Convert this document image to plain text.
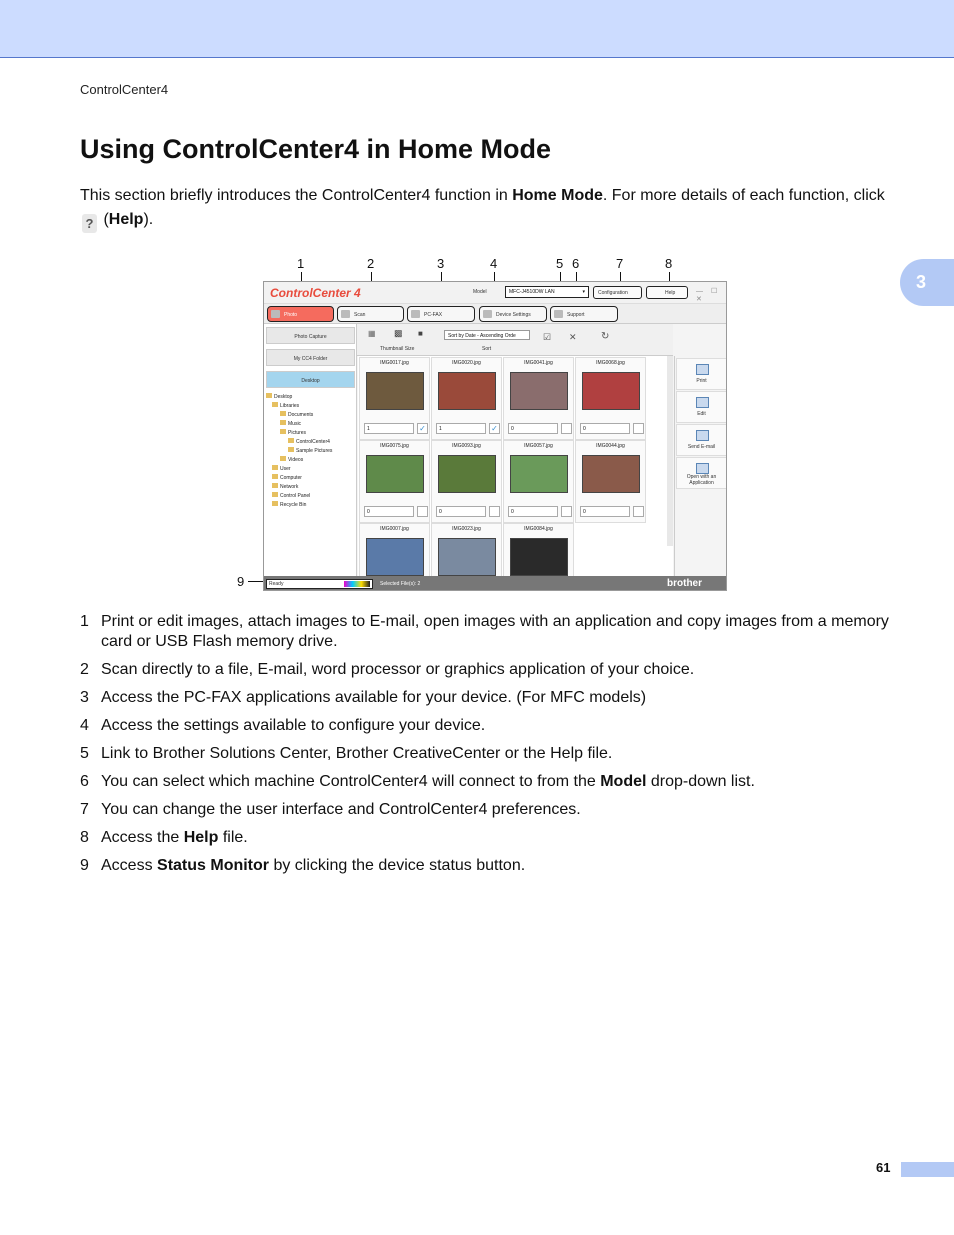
ControlCenter4
3
Using ControlCenter4 in Home Mode

This section briefly introduces the ControlCenter4 function in Home Mode. For more details of each function, click
? (Help).

1	2	3	4	5 6	7	8
9
ControlCenter 4	Model	MFC-J4510DW LAN	▾	Configuration	Help	— ☐ ✕
Photo	Scan	PC-FAX	Device Settings	Support
Photo Capture
My CC4 Folder
Desktop
Desktop
Libraries
Documents
Music
Pictures
ControlCenter4
Sample Pictures
Videos
User
Computer
Network
Control Panel
Recycle Bin
▦ ▩ ■
Thumbnail Size
Sort by Date - Ascending Orde
Sort
☑ ✕ ↻
IMG0017.jpg
1	✓
IMG0020.jpg
1	✓
IMG0041.jpg
0
IMG0068.jpg
0
IMG0075.jpg
0
IMG0093.jpg
0
IMG0057.jpg
0
IMG0044.jpg
0
IMG0007.jpg	IMG0023.jpg	IMG0084.jpg
Print
Edit
Send E-mail
Open with an Application
Ready	Selected File(s): 2	brother
1 Print or edit images, attach images to E-mail, open images with an application and copy images from a memory card or USB Flash memory drive.
2 Scan directly to a file, E-mail, word processor or graphics application of your choice.
3 Access the PC-FAX applications available for your device. (For MFC models)
4 Access the settings available to configure your device.
5 Link to Brother Solutions Center, Brother CreativeCenter or the Help file.
6 You can select which machine ControlCenter4 will connect to from the Model drop-down list.
7 You can change the user interface and ControlCenter4 preferences.
8 Access the Help file.
9 Access Status Monitor by clicking the device status button.
61
